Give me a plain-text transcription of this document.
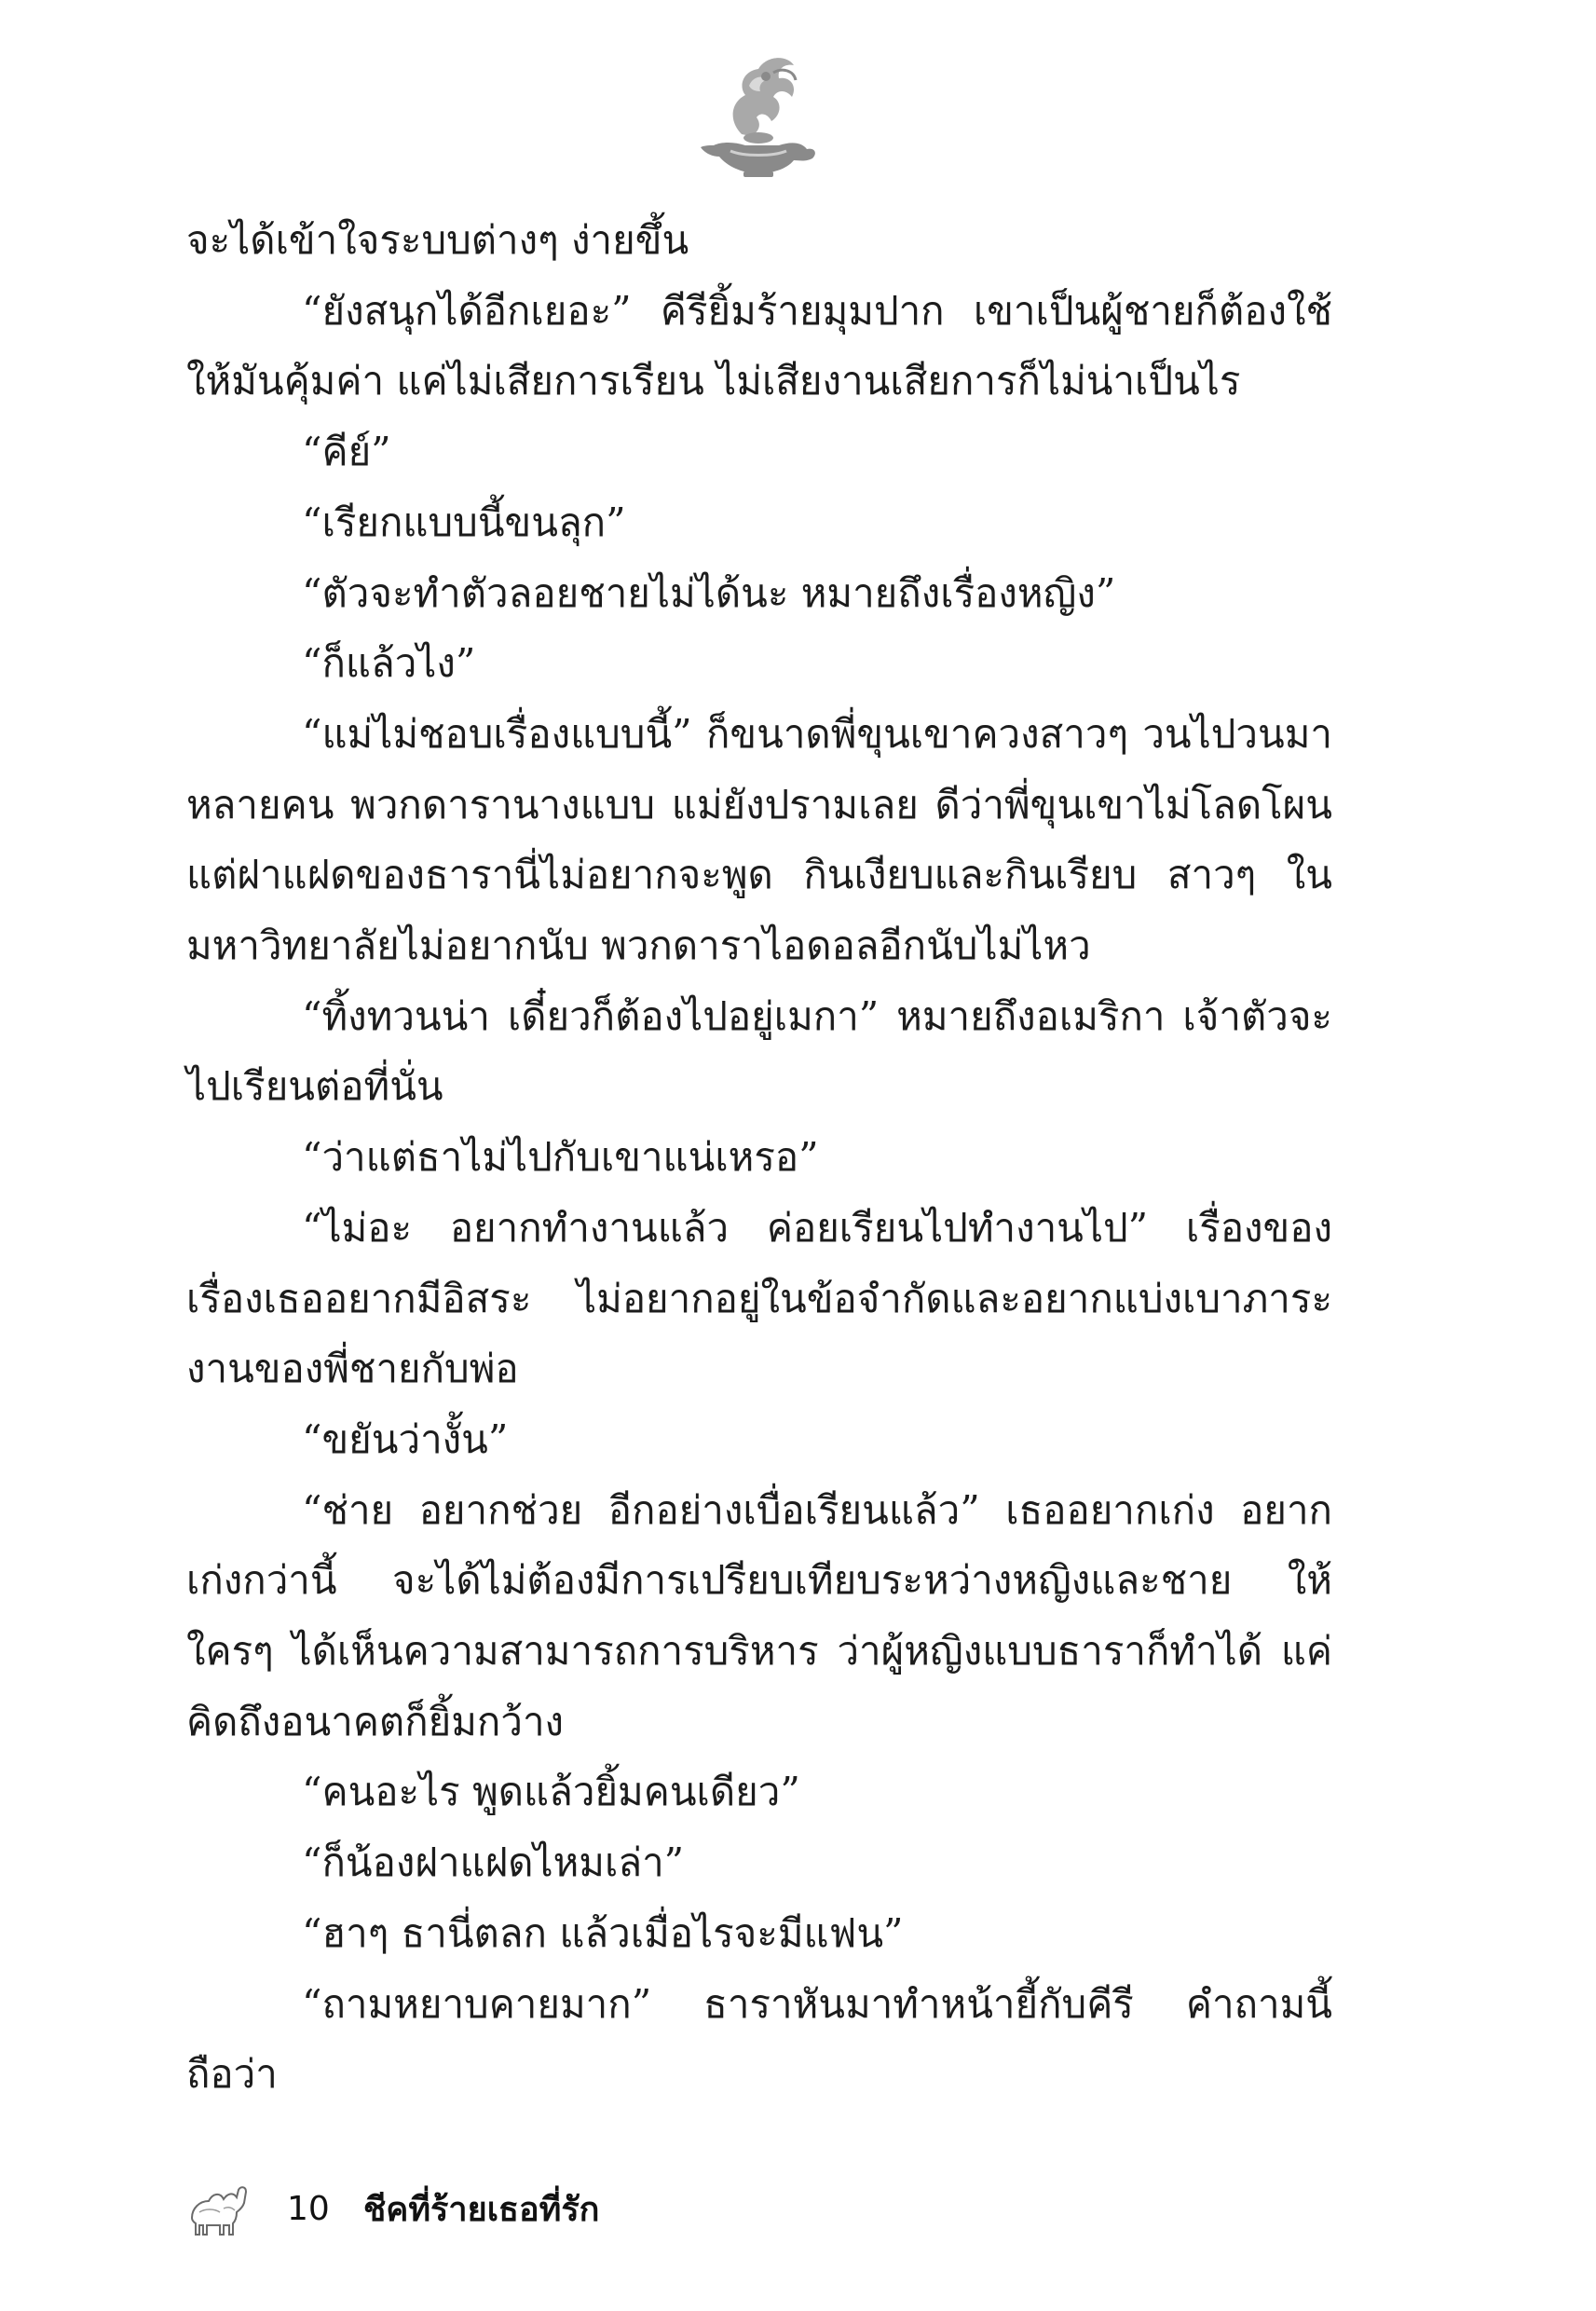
จะได้เข้าใจระบบต่างๆ ง่ายขึ้น

“ยังสนุกได้อีกเยอะ” คีรียิ้มร้ายมุมปาก เขาเป็นผู้ชายก็ต้องใช้ให้มันคุ้มค่า แค่ไม่เสียการเรียน ไม่เสียงานเสียการก็ไม่น่าเป็นไร

“คีย์”

“เรียกแบบนี้ขนลุก”

“ตัวจะทำตัวลอยชายไม่ได้นะ หมายถึงเรื่องหญิง”

“ก็แล้วไง”

“แม่ไม่ชอบเรื่องแบบนี้” ก็ขนาดพี่ขุนเขาควงสาวๆ วนไปวนมาหลายคน พวกดารานางแบบ แม่ยังปรามเลย ดีว่าพี่ขุนเขาไม่โลดโผน แต่ฝาแฝดของธารานี่ไม่อยากจะพูด กินเงียบและกินเรียบ สาวๆ ในมหาวิทยาลัยไม่อยากนับ พวกดาราไอดอลอีกนับไม่ไหว

“ทิ้งทวนน่า เดี๋ยวก็ต้องไปอยู่เมกา” หมายถึงอเมริกา เจ้าตัวจะไปเรียนต่อที่นั่น

“ว่าแต่ธาไม่ไปกับเขาแน่เหรอ”

“ไม่อะ อยากทำงานแล้ว ค่อยเรียนไปทำงานไป” เรื่องของเรื่องเธออยากมีอิสระ ไม่อยากอยู่ในข้อจำกัดและอยากแบ่งเบาภาระงานของพี่ชายกับพ่อ

“ขยันว่างั้น”

“ช่าย อยากช่วย อีกอย่างเบื่อเรียนแล้ว” เธออยากเก่ง อยากเก่งกว่านี้ จะได้ไม่ต้องมีการเปรียบเทียบระหว่างหญิงและชาย ให้ใครๆ ได้เห็นความสามารถการบริหาร ว่าผู้หญิงแบบธาราก็ทำได้ แค่คิดถึงอนาคตก็ยิ้มกว้าง

“คนอะไร พูดแล้วยิ้มคนเดียว”

“ก็น้องฝาแฝดไหมเล่า”

“ฮาๆ ธานี่ตลก แล้วเมื่อไรจะมีแฟน”

“ถามหยาบคายมาก” ธาราหันมาทำหน้ายี้กับคีรี คำถามนี้ถือว่า

10 ชีคที่ร้ายเธอที่รัก
